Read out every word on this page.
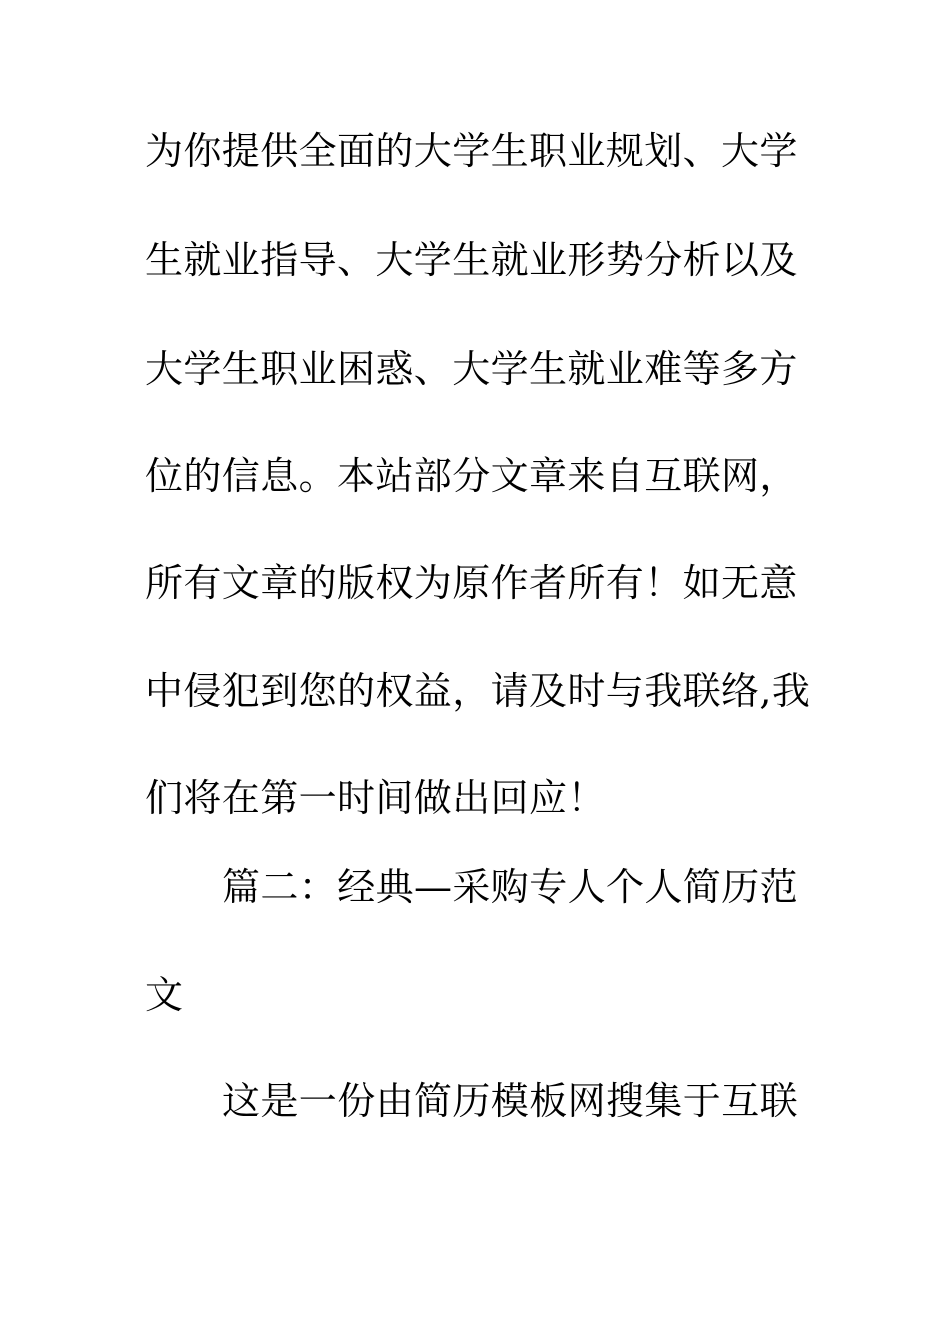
为你提供全面的大学生职业规划、大学
生就业指导、大学生就业形势分析以及
大学生职业困惑、大学生就业难等多方
位的信息。本站部分文章来自互联网，
所有文章的版权为原作者所有！如无意
中侵犯到您的权益，请及时与我联络,我
们将在第一时间做出回应！
篇二：经典—采购专人个人简历范
文
这是一份由简历模板网搜集于互联
